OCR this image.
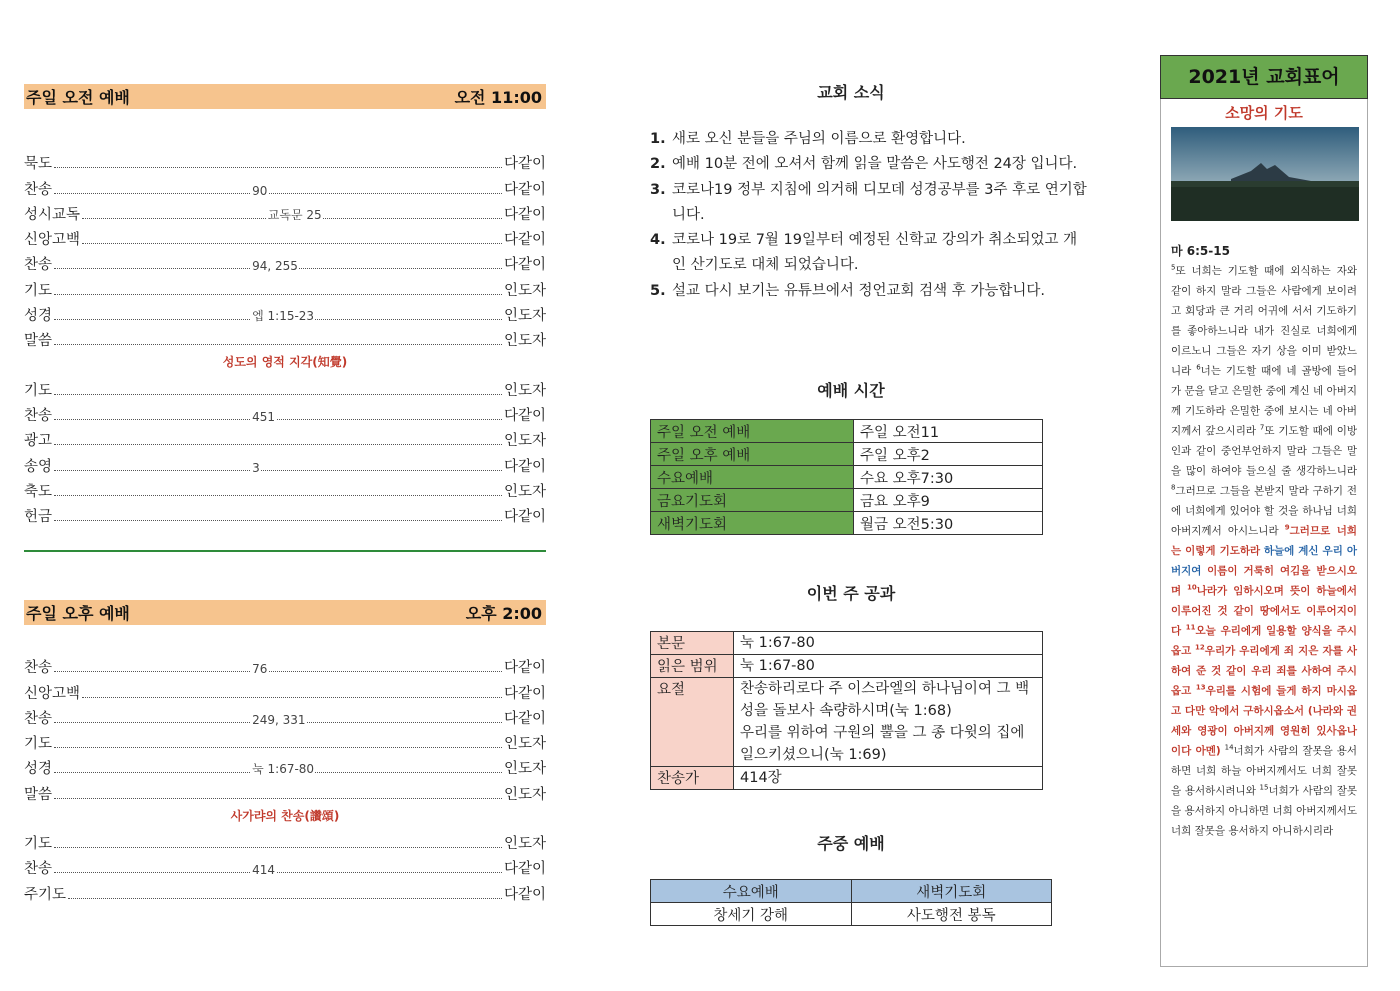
주일 오전 예배	오전 11:00
묵도	다같이
찬송	90	다같이
성시교독	교독문 25	다같이
신앙고백	다같이
찬송	94, 255	다같이
기도	인도자
성경	엡 1:15-23	인도자
말씀	인도자
성도의 영적 지각(知覺)
기도	인도자
찬송	451	다같이
광고	인도자
송영	3	다같이
축도	인도자
헌금	다같이
주일 오후 예배	오후 2:00
찬송	76	다같이
신앙고백	다같이
찬송	249, 331	다같이
기도	인도자
성경	눅 1:67-80	인도자
말씀	인도자
사가랴의 찬송(讚頌)
기도	인도자
찬송	414	다같이
주기도	다같이
교회 소식
1. 새로 오신 분들을 주님의 이름으로 환영합니다.
2. 예배 10분 전에 오셔서 함께 읽을 말씀은 사도행전 24장 입니다.
3. 코로나19 정부 지침에 의거해 디모데 성경공부를 3주 후로 연기합니다.
4. 코로나 19로 7월 19일부터 예정된 신학교 강의가 취소되었고 개인 산기도로 대체 되었습니다.
5. 설교 다시 보기는 유튜브에서 정언교회 검색 후 가능합니다.
예배 시간
주일 오전 예배	주일 오전11
주일 오후 예배	주일 오후2
수요예배	수요 오후7:30
금요기도회	금요 오후9
새벽기도회	월금 오전5:30
이번 주 공과
본문	눅 1:67-80

읽은 범위	눅 1:67-80

요절	찬송하리로다 주 이스라엘의 하나님이여 그 백성을 돌보사 속량하시며(눅 1:68)
우리를 위하여 구원의 뿔을 그 종 다윗의 집에 일으키셨으니(눅 1:69)

찬송가	414장
주중 예배
수요예배	새벽기도회
창세기 강해	사도행전 봉독
2021년 교회표어
소망의 기도
마 6:5-15
$^5$또 너희는 기도할 때에 외식하는 자와 같이 하지 말라 그들은 사람에게 보이려고 회당과 큰 거리 어귀에 서서 기도하기를 좋아하느니라 내가 진실로 너희에게 이르노니 그들은 자기 상을 이미 받았느니라 $^6$너는 기도할 때에 네 골방에 들어가 문을 닫고 은밀한 중에 계신 네 아버지께 기도하라 은밀한 중에 보시는 네 아버지께서 갚으시리라 $^7$또 기도할 때에 이방인과 같이 중언부언하지 말라 그들은 말을 많이 하여야 들으실 줄 생각하느니라 $^8$그러므로 그들을 본받지 말라 구하기 전에 너희에게 있어야 할 것을 하나님 너희 아버지께서 아시느니라 $^9$그러므로 너희는 이렇게 기도하라 하늘에 계신 우리 아버지여 이름이 거룩히 여김을 받으시오며 $^{10}$나라가 임하시오며 뜻이 하늘에서 이루어진 것 같이 땅에서도 이루어지이다 $^{11}$오늘 우리에게 일용할 양식을 주시옵고 $^{12}$우리가 우리에게 죄 지은 자를 사하여 준 것 같이 우리 죄를 사하여 주시옵고 $^{13}$우리를 시험에 들게 하지 마시옵고 다만 악에서 구하시옵소서 (나라와 권세와 영광이 아버지께 영원히 있사옵나이다 아멘) $^{14}$너희가 사람의 잘못을 용서하면 너희 하늘 아버지께서도 너희 잘못을 용서하시려니와 $^{15}$너희가 사람의 잘못을 용서하지 아니하면 너희 아버지께서도 너희 잘못을 용서하지 아니하시리라
